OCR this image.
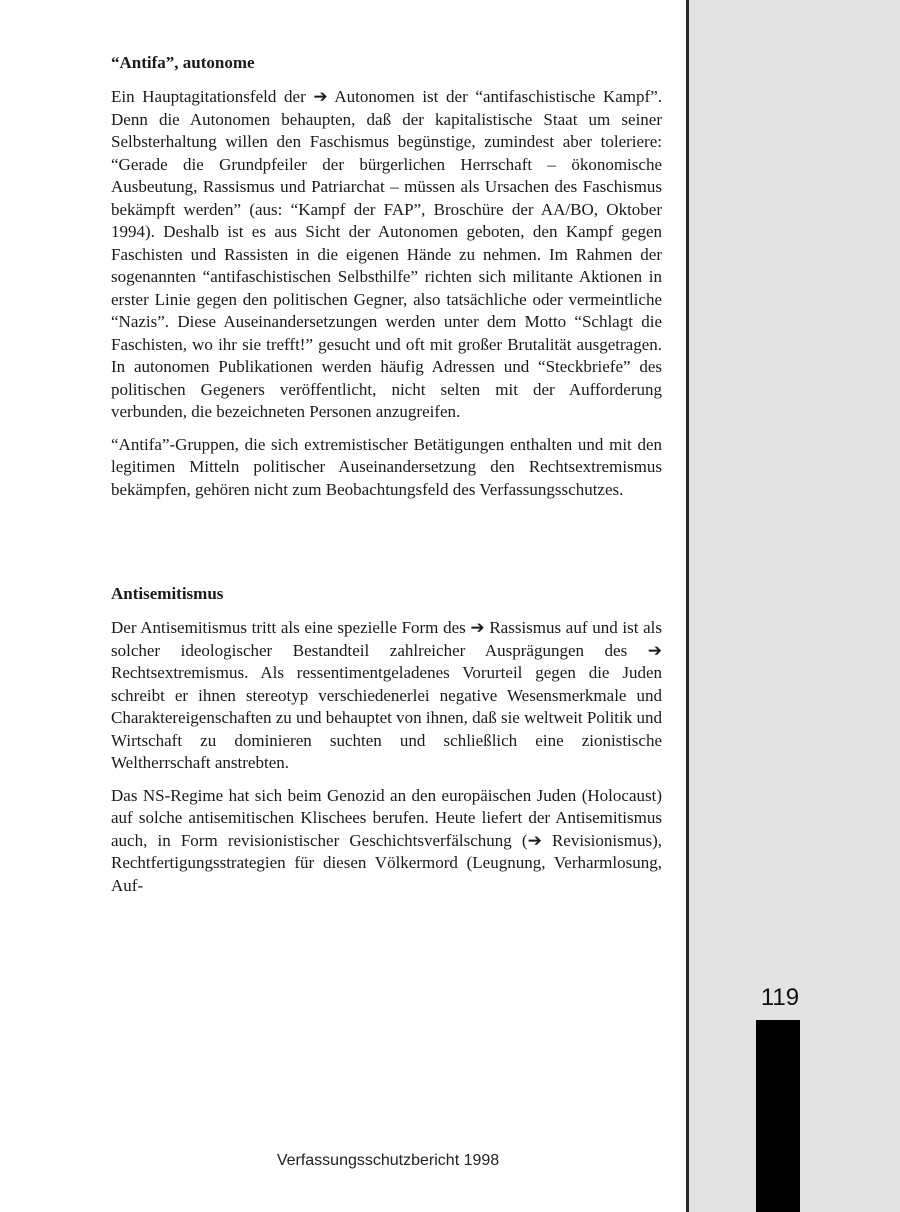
“Antifa”, autonome
Ein Hauptagitationsfeld der ➔ Autonomen ist der “antifaschistische Kampf”. Denn die Autonomen behaupten, daß der kapitalistische Staat um seiner Selbsterhaltung willen den Faschismus begünstige, zumindest aber toleriere: “Gerade die Grundpfeiler der bürgerlichen Herrschaft – ökonomische Ausbeutung, Rassismus und Patriarchat – müssen als Ursachen des Faschismus bekämpft werden” (aus: “Kampf der FAP”, Broschüre der AA/BO, Oktober 1994). Deshalb ist es aus Sicht der Autonomen geboten, den Kampf gegen Faschisten und Rassisten in die eigenen Hände zu nehmen. Im Rahmen der sogenannten “antifaschistischen Selbsthilfe” richten sich militante Aktionen in erster Linie gegen den politischen Gegner, also tatsächliche oder vermeintliche “Nazis”. Diese Auseinandersetzungen werden unter dem Motto “Schlagt die Faschisten, wo ihr sie trefft!” gesucht und oft mit großer Brutalität ausgetragen. In autonomen Publikationen werden häufig Adressen und “Steckbriefe” des politischen Gegeners veröffentlicht, nicht selten mit der Aufforderung verbunden, die bezeichneten Personen anzugreifen.
“Antifa”-Gruppen, die sich extremistischer Betätigungen enthalten und mit den legitimen Mitteln politischer Auseinandersetzung den Rechtsextremismus bekämpfen, gehören nicht zum Beobachtungsfeld des Verfassungsschutzes.
Antisemitismus
Der Antisemitismus tritt als eine spezielle Form des ➔ Rassismus auf und ist als solcher ideologischer Bestandteil zahlreicher Ausprägungen des ➔ Rechtsextremismus. Als ressentimentgeladenes Vorurteil gegen die Juden schreibt er ihnen stereotyp verschiedenerlei negative Wesensmerkmale und Charaktereigenschaften zu und behauptet von ihnen, daß sie weltweit Politik und Wirtschaft zu dominieren suchten und schließlich eine zionistische Weltherrschaft anstrebten.
Das NS-Regime hat sich beim Genozid an den europäischen Juden (Holocaust) auf solche antisemitischen Klischees berufen. Heute liefert der Antisemitismus auch, in Form revisionistischer Geschichtsverfälschung (➔ Revisionismus), Rechtfertigungsstrategien für diesen Völkermord (Leugnung, Verharmlosung, Auf-
Verfassungsschutzbericht 1998
119
